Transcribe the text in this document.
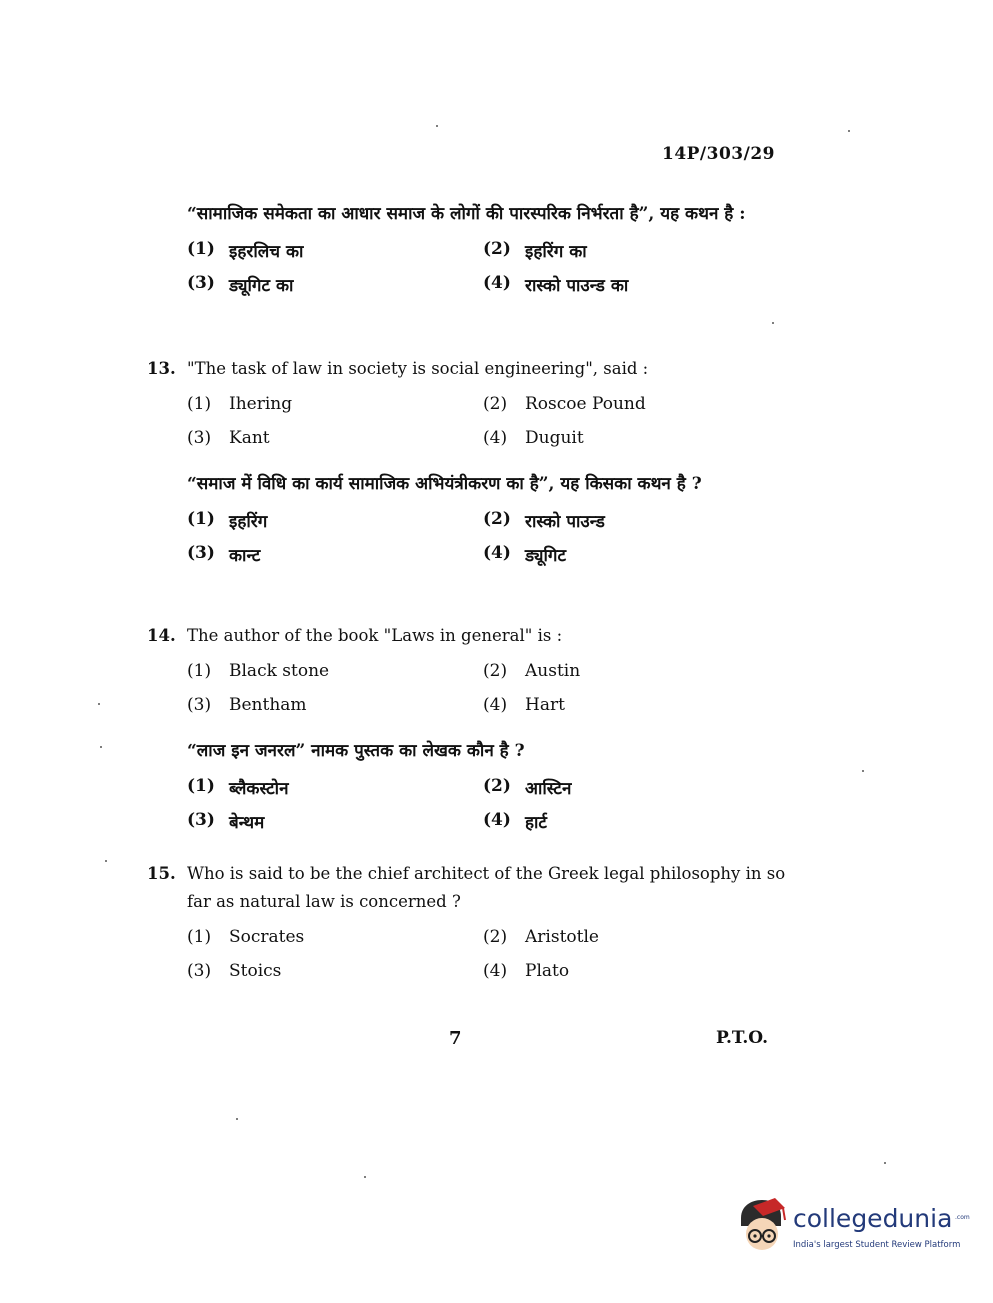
14P/303/29
“सामाजिक समेकता का आधार समाज के लोगों की पारस्परिक निर्भरता है”, यह कथन है :
(1) इहरलिच का	(2) इहरिंग का
(3) ड्यूगिट का	(4) रास्को पाउन्ड का
13. "The task of law in society is social engineering", said :
(1)	Ihering	(2)	Roscoe Pound
(3)	Kant	(4)	Duguit
“समाज में विधि का कार्य सामाजिक अभियंत्रीकरण का है”, यह किसका कथन है ?
(1) इहरिंग	(2) रास्को पाउन्ड
(3) कान्ट	(4) ड्यूगिट
14. The author of the book "Laws in general" is :
(1)	Black stone	(2)	Austin
(3)	Bentham	(4)	Hart
“लाज इन जनरल” नामक पुस्तक का लेखक कौन है ?
(1) ब्लैकस्टोन	(2) आस्टिन
(3) बेन्थम	(4) हार्ट
15. Who is said to be the chief architect of the Greek legal philosophy in so far as natural law is concerned ?
(1)	Socrates	(2)	Aristotle
(3)	Stoics	(4)	Plato
7	P.T.O.
collegedunia .com
India's largest Student Review Platform
